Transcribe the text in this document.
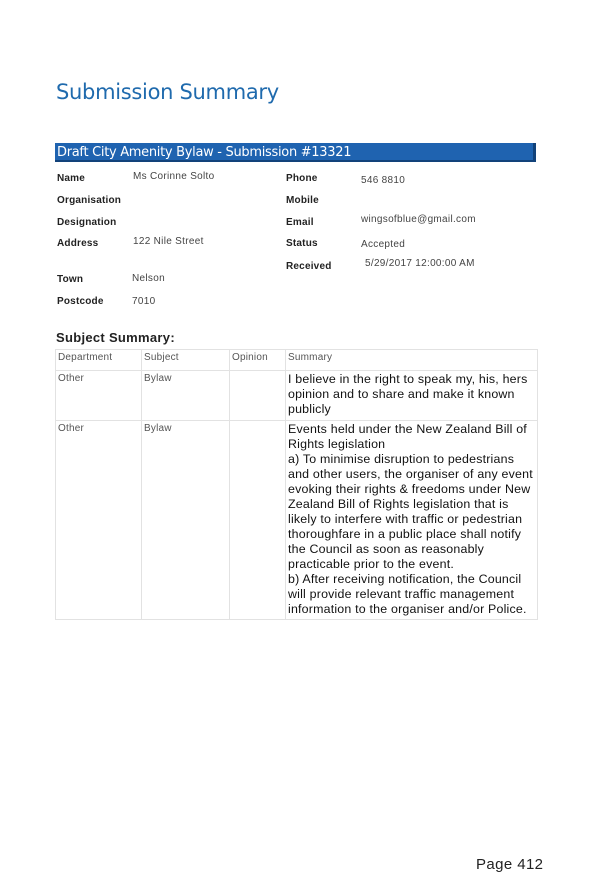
Submission Summary
Draft City Amenity Bylaw - Submission #13321
Name	Ms Corinne Solto
Organisation
Designation
Address	122 Nile Street
Town	Nelson
Postcode	7010
Phone	546 8810
Mobile
Email	wingsofblue@gmail.com
Status	Accepted
Received	5/29/2017 12:00:00 AM
Subject Summary:
Department	Subject	Opinion	Summary
Other	Bylaw		I believe in the right to speak my, his, hers opinion and to share and make it known publicly
Other	Bylaw		Events held under the New Zealand Bill of Rights legislation
a) To minimise disruption to pedestrians and other users, the organiser of any event evoking their rights & freedoms under New Zealand Bill of Rights legislation that is likely to interfere with traffic or pedestrian thoroughfare in a public place shall notify the Council as soon as reasonably practicable prior to the event.
b) After receiving notification, the Council will provide relevant traffic management information to the organiser and/or Police.
Page 412
